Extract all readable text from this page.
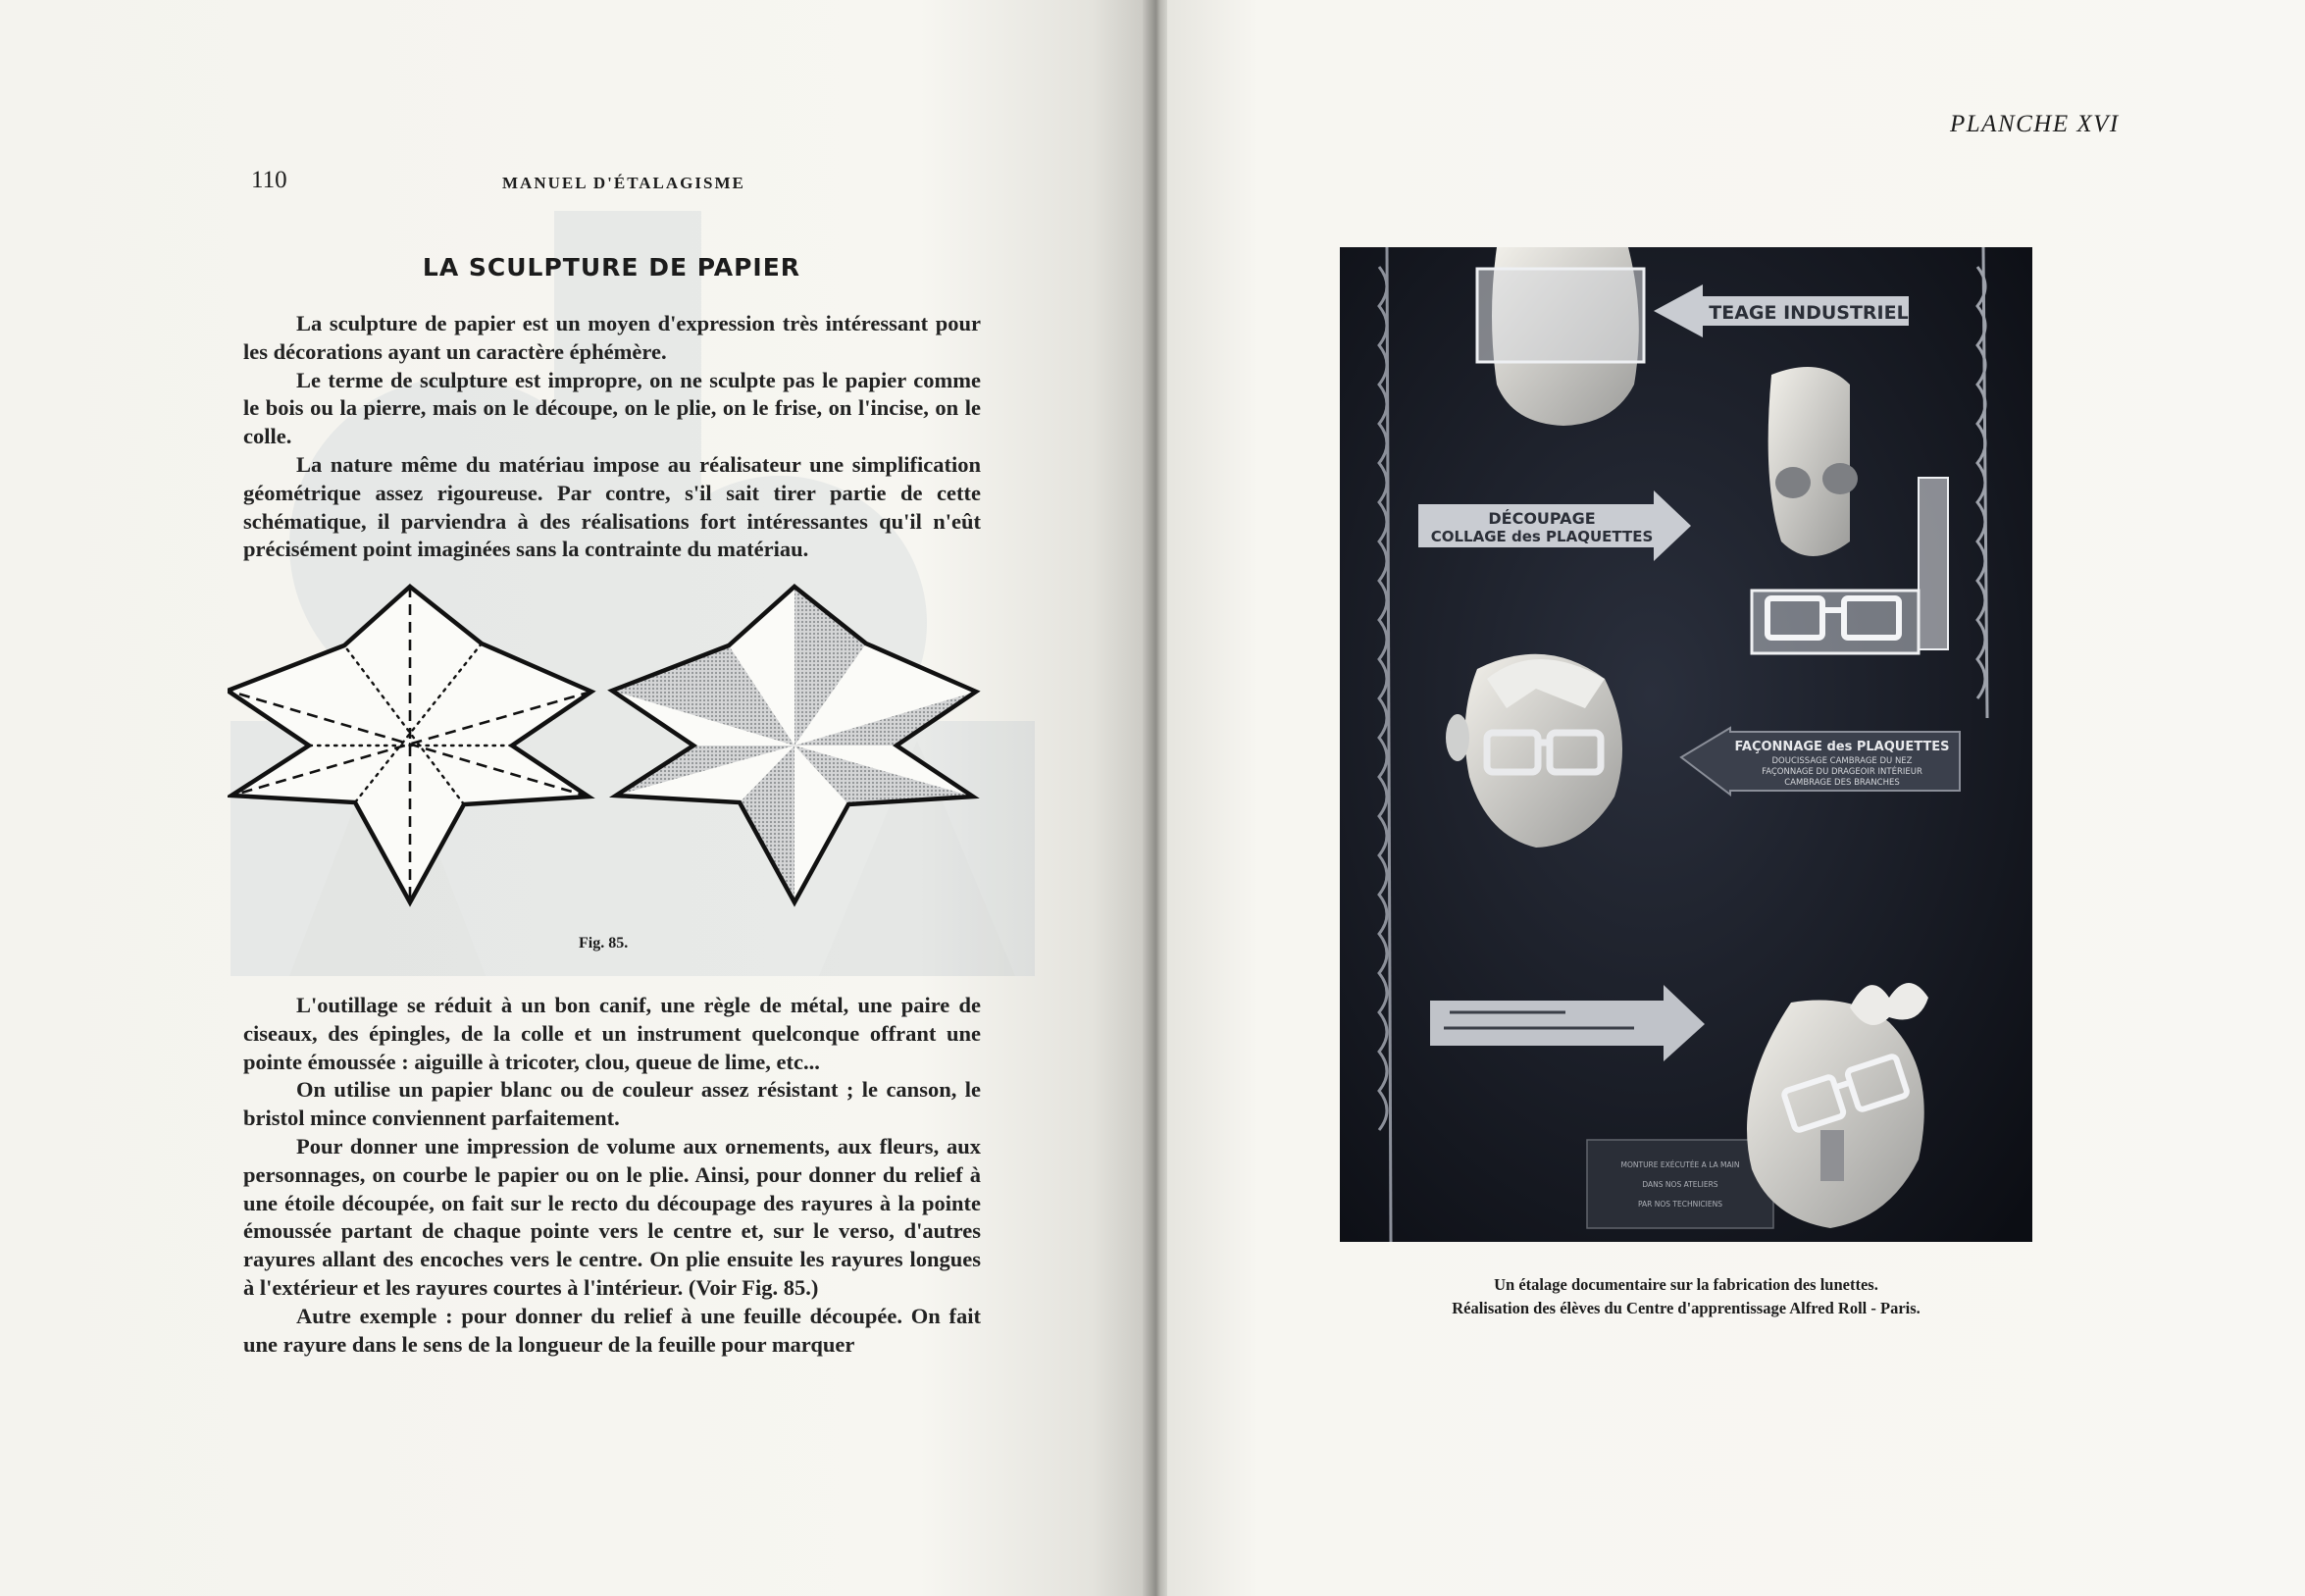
110	MANUEL D'ÉTALAGISME
LA SCULPTURE DE PAPIER

La sculpture de papier est un moyen d'expression très intéressant pour les décorations ayant un caractère éphémère.

Le terme de sculpture est impropre, on ne sculpte pas le papier comme le bois ou la pierre, mais on le découpe, on le plie, on le frise, on l'incise, on le colle.

La nature même du matériau impose au réalisateur une simplification géométrique assez rigoureuse. Par contre, s'il sait tirer partie de cette schématique, il parviendra à des réalisations fort intéressantes qu'il n'eût précisément point imaginées sans la contrainte du matériau.

Fig. 85.

L'outillage se réduit à un bon canif, une règle de métal, une paire de ciseaux, des épingles, de la colle et un instrument quelconque offrant une pointe émoussée : aiguille à tricoter, clou, queue de lime, etc...

On utilise un papier blanc ou de couleur assez résistant ; le canson, le bristol mince conviennent parfaitement.

Pour donner une impression de volume aux ornements, aux fleurs, aux personnages, on courbe le papier ou on le plie. Ainsi, pour donner du relief à une étoile découpée, on fait sur le recto du découpage des rayures à la pointe émoussée partant de chaque pointe vers le centre et, sur le verso, d'autres rayures allant des encoches vers le centre. On plie ensuite les rayures longues à l'extérieur et les rayures courtes à l'intérieur. (Voir Fig. 85.)

Autre exemple : pour donner du relief à une feuille découpée. On fait une rayure dans le sens de la longueur de la feuille pour marquer

PLANCHE XVI
TEAGE INDUSTRIEL
DÉCOUPAGE
COLLAGE des PLAQUETTES
FAÇONNAGE des PLAQUETTES
DOUCISSAGE CAMBRAGE DU NEZ
FAÇONNAGE DU DRAGEOIR INTÉRIEUR
CAMBRAGE DES BRANCHES
MONTURE EXÉCUTÉE A LA MAIN
DANS NOS ATELIERS
PAR NOS TECHNICIENS
Un étalage documentaire sur la fabrication des lunettes.
Réalisation des élèves du Centre d'apprentissage Alfred Roll - Paris.
